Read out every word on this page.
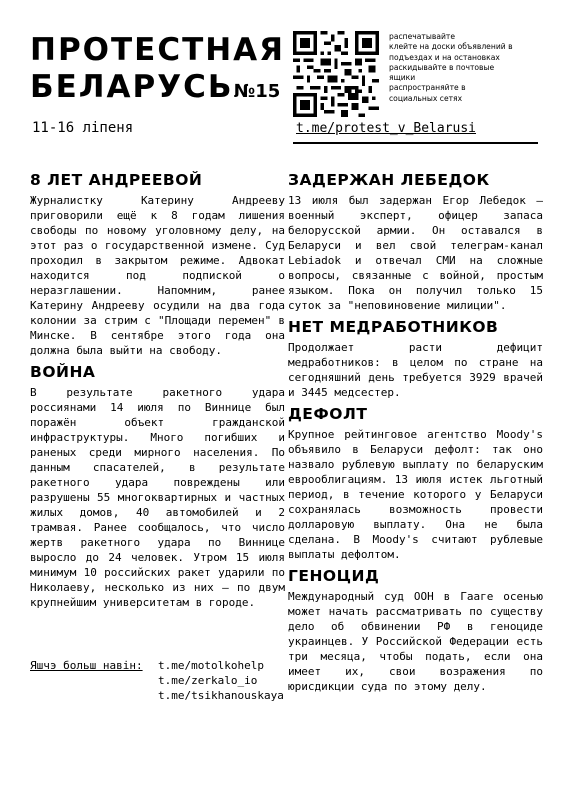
ПРОТЕСТНАЯ
БЕЛАРУСЬ№15
11-16 ліпеня
распечатывайте
клейте на доски объявлений в
подъездах и на остановках
раскидывайте в почтовые
ящики
распространяйте в
социальных сетях
t.me/protest_v_Belarusi
8 ЛЕТ АНДРЕЕВОЙ
Журналистку Катерину Андрееву приговорили ещё к 8 годам лишения свободы по новому уголовному делу, на этот раз о государственной измене. Суд проходил в закрытом режиме. Адвокат находится под подпиской о неразглашении. Напомним, ранее Катерину Андрееву осудили на два года колонии за стрим с "Площади перемен" в Минске. В сентябре этого года она должна была выйти на свободу.
ВОЙНА
В результате ракетного удара россиянами 14 июля по Виннице был поражён объект гражданской инфраструктуры. Много погибших и раненых среди мирного населения. По данным спасателей, в результате ракетного удара повреждены или разрушены 55 многоквартирных и частных жилых домов, 40 автомобилей и 2 трамвая. Ранее сообщалось, что число жертв ракетного удара по Виннице выросло до 24 человек. Утром 15 июля минимум 10 российских ракет ударили по Николаеву, несколько из них — по двум крупнейшим университетам в городе.
Яшчэ больш навін: t.me/motolkohelp
t.me/zerkalo_io
t.me/tsikhanouskaya
ЗАДЕРЖАН ЛЕБЕДОК
13 июля был задержан Егор Лебедок — военный эксперт, офицер запаса белорусской армии. Он оставался в Беларуси и вел свой телеграм-канал Lebiadok и отвечал СМИ на сложные вопросы, связанные с войной, простым языком. Пока он получил только 15 суток за "неповиновение милиции".
НЕТ МЕДРАБОТНИКОВ
Продолжает расти дефицит медработников: в целом по стране на сегодняшний день требуется 3929 врачей и 3445 медсестер.
ДЕФОЛТ
Крупное рейтинговое агентство Moody's объявило в Беларуси дефолт: так оно назвало рублевую выплату по беларуским еврооблигациям. 13 июля истек льготный период, в течение которого у Беларуси сохранялась возможность провести долларовую выплату. Она не была сделана. В Moody's считают рублевые выплаты дефолтом.
ГЕНОЦИД
Международный суд ООН в Гааге осенью может начать рассматривать по существу дело об обвинении РФ в геноциде украинцев. У Российской Федерации есть три месяца, чтобы подать, если она имеет их, свои возражения по юрисдикции суда по этому делу.
